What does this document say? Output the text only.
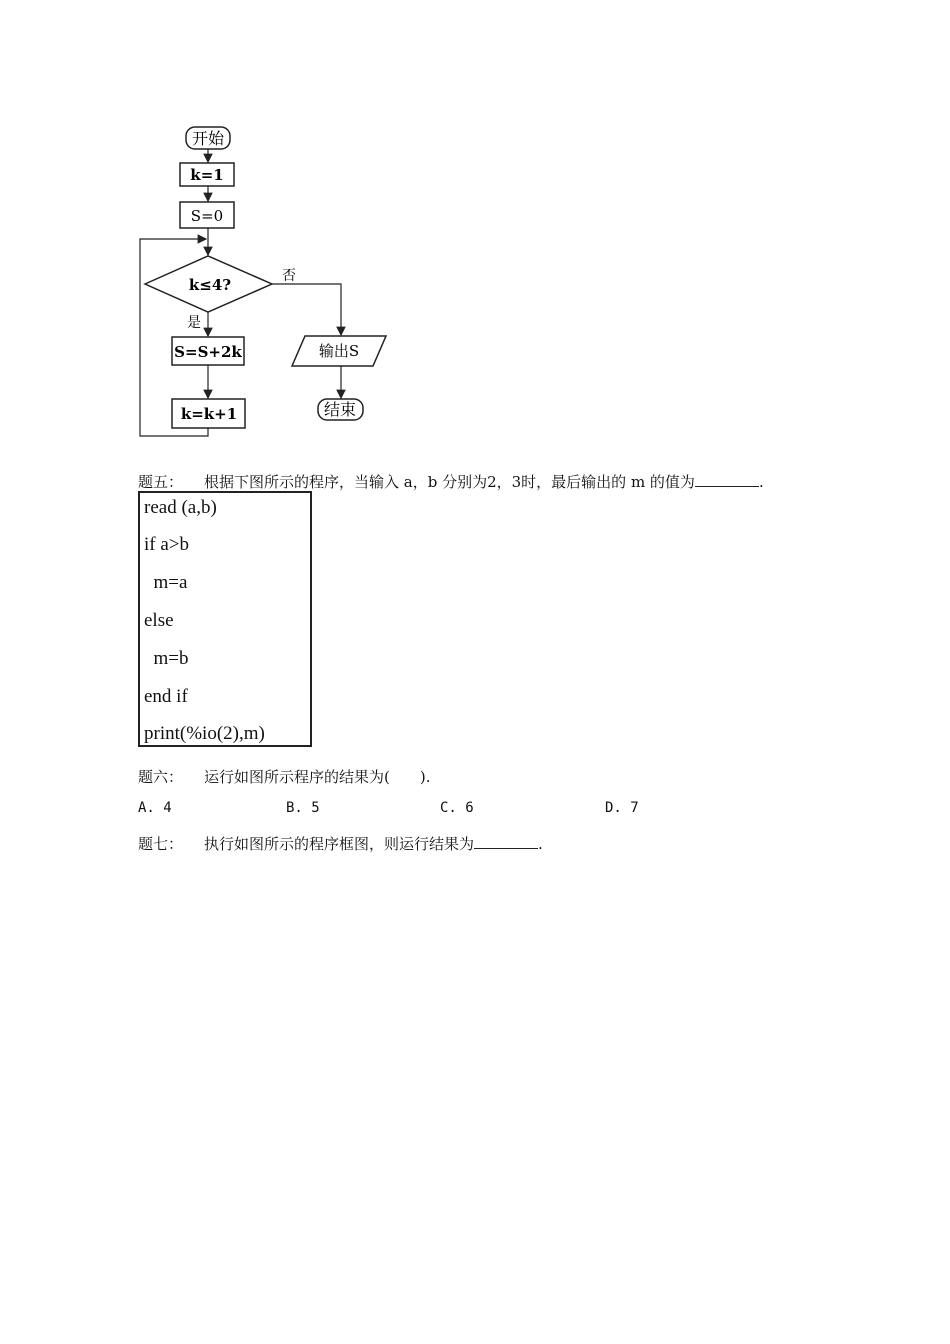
开始
k=1
S=0
k≤4?	否
是
S=S+2k
k=k+1
输出S
结束
题五： 根据下图所示的程序，当输入 a，b 分别为2，3时，最后输出的 m 的值为	.
read (a,b)
if a>b
m=a
else
m=b
end if
print(%io(2),m)
题六： 运行如图所示程序的结果为(　　).
A. 4	B. 5	C. 6	D. 7
题七： 执行如图所示的程序框图，则运行结果为	.
